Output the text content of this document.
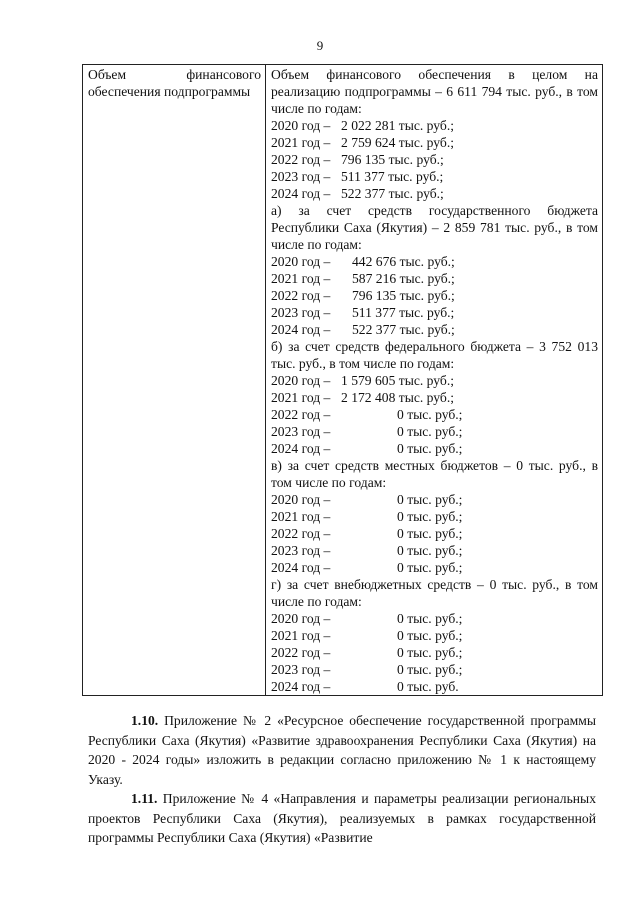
9
Объем финансового обеспечения подпрограммы

Объем финансового обеспечения в целом на реализацию подпрограммы – 6 611 794 тыс. руб., в том числе по годам:
2020 год – 2 022 281 тыс. руб.;
2021 год – 2 759 624 тыс. руб.;
2022 год – 796 135 тыс. руб.;
2023 год – 511 377 тыс. руб.;
2024 год – 522 377 тыс. руб.;
а) за счет средств государственного бюджета Республики Саха (Якутия) – 2 859 781 тыс. руб., в том числе по годам:
2020 год – 442 676 тыс. руб.;
2021 год – 587 216 тыс. руб.;
2022 год – 796 135 тыс. руб.;
2023 год – 511 377 тыс. руб.;
2024 год – 522 377 тыс. руб.;
б) за счет средств федерального бюджета – 3 752 013 тыс. руб., в том числе по годам:
2020 год – 1 579 605 тыс. руб.;
2021 год – 2 172 408 тыс. руб.;
2022 год –	0 тыс. руб.;
2023 год –	0 тыс. руб.;
2024 год –	0 тыс. руб.;
в) за счет средств местных бюджетов – 0 тыс. руб., в том числе по годам:
2020 год –	0 тыс. руб.;
2021 год –	0 тыс. руб.;
2022 год –	0 тыс. руб.;
2023 год –	0 тыс. руб.;
2024 год –	0 тыс. руб.;
г) за счет внебюджетных средств – 0 тыс. руб., в том числе по годам:
2020 год –	0 тыс. руб.;
2021 год –	0 тыс. руб.;
2022 год –	0 тыс. руб.;
2023 год –	0 тыс. руб.;
2024 год –	0 тыс. руб.
1.10. Приложение № 2 «Ресурсное обеспечение государственной программы Республики Саха (Якутия) «Развитие здравоохранения Республики Саха (Якутия) на 2020 - 2024 годы» изложить в редакции согласно приложению № 1 к настоящему Указу.
1.11. Приложение № 4 «Направления и параметры реализации региональных проектов Республики Саха (Якутия), реализуемых в рамках государственной программы Республики Саха (Якутия) «Развитие
